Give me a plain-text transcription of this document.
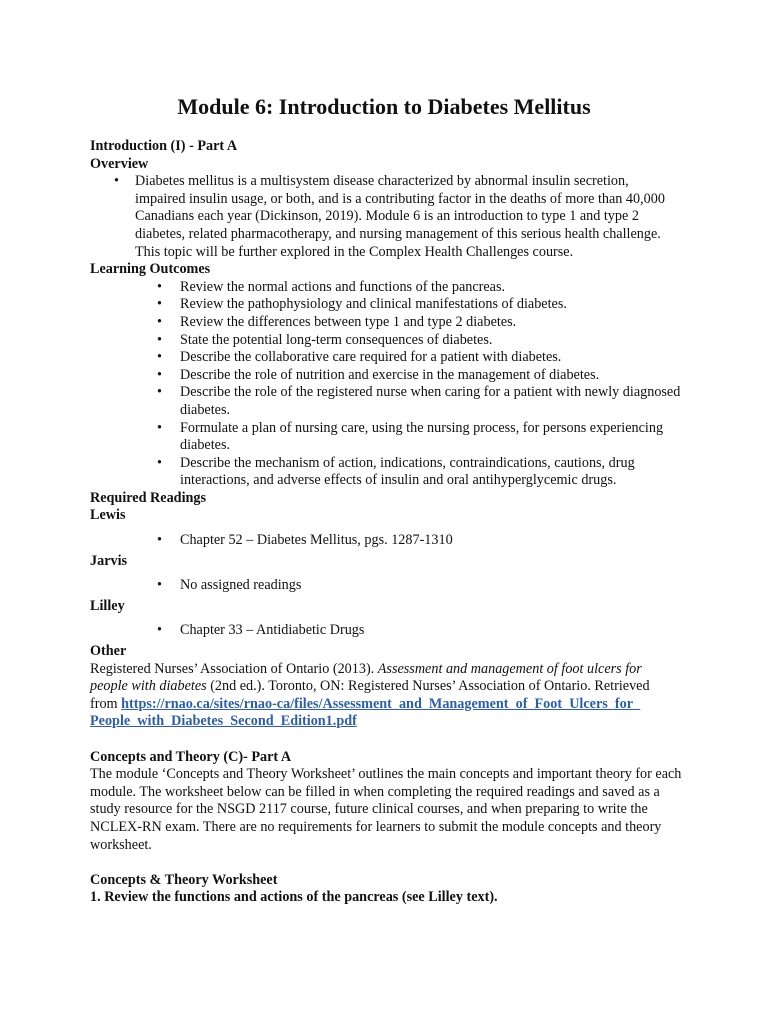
Module 6: Introduction to Diabetes Mellitus
Introduction (I) - Part A
Overview
• Diabetes mellitus is a multisystem disease characterized by abnormal insulin secretion, impaired insulin usage, or both, and is a contributing factor in the deaths of more than 40,000 Canadians each year (Dickinson, 2019). Module 6 is an introduction to type 1 and type 2 diabetes, related pharmacotherapy, and nursing management of this serious health challenge. This topic will be further explored in the Complex Health Challenges course.
Learning Outcomes
• Review the normal actions and functions of the pancreas.
• Review the pathophysiology and clinical manifestations of diabetes.
• Review the differences between type 1 and type 2 diabetes.
• State the potential long-term consequences of diabetes.
• Describe the collaborative care required for a patient with diabetes.
• Describe the role of nutrition and exercise in the management of diabetes.
• Describe the role of the registered nurse when caring for a patient with newly diagnosed diabetes.
• Formulate a plan of nursing care, using the nursing process, for persons experiencing diabetes.
• Describe the mechanism of action, indications, contraindications, cautions, drug interactions, and adverse effects of insulin and oral antihyperglycemic drugs.
Required Readings
Lewis
• Chapter 52 – Diabetes Mellitus, pgs. 1287-1310
Jarvis
• No assigned readings
Lilley
• Chapter 33 – Antidiabetic Drugs
Other

Registered Nurses’ Association of Ontario (2013). Assessment and management of foot ulcers for people with diabetes (2nd ed.). Toronto, ON: Registered Nurses’ Association of Ontario. Retrieved

from https://rnao.ca/sites/rnao-ca/files/Assessment_and_Management_of_Foot_Ulcers_for_ People_with_Diabetes_Second_Edition1.pdf

Concepts and Theory (C)- Part A

The module ‘Concepts and Theory Worksheet’ outlines the main concepts and important theory for each module. The worksheet below can be filled in when completing the required readings and saved as a study resource for the NSGD 2117 course, future clinical courses, and when preparing to write the NCLEX-RN exam. There are no requirements for learners to submit the module concepts and theory worksheet.

Concepts & Theory Worksheet
1. Review the functions and actions of the pancreas (see Lilley text).
